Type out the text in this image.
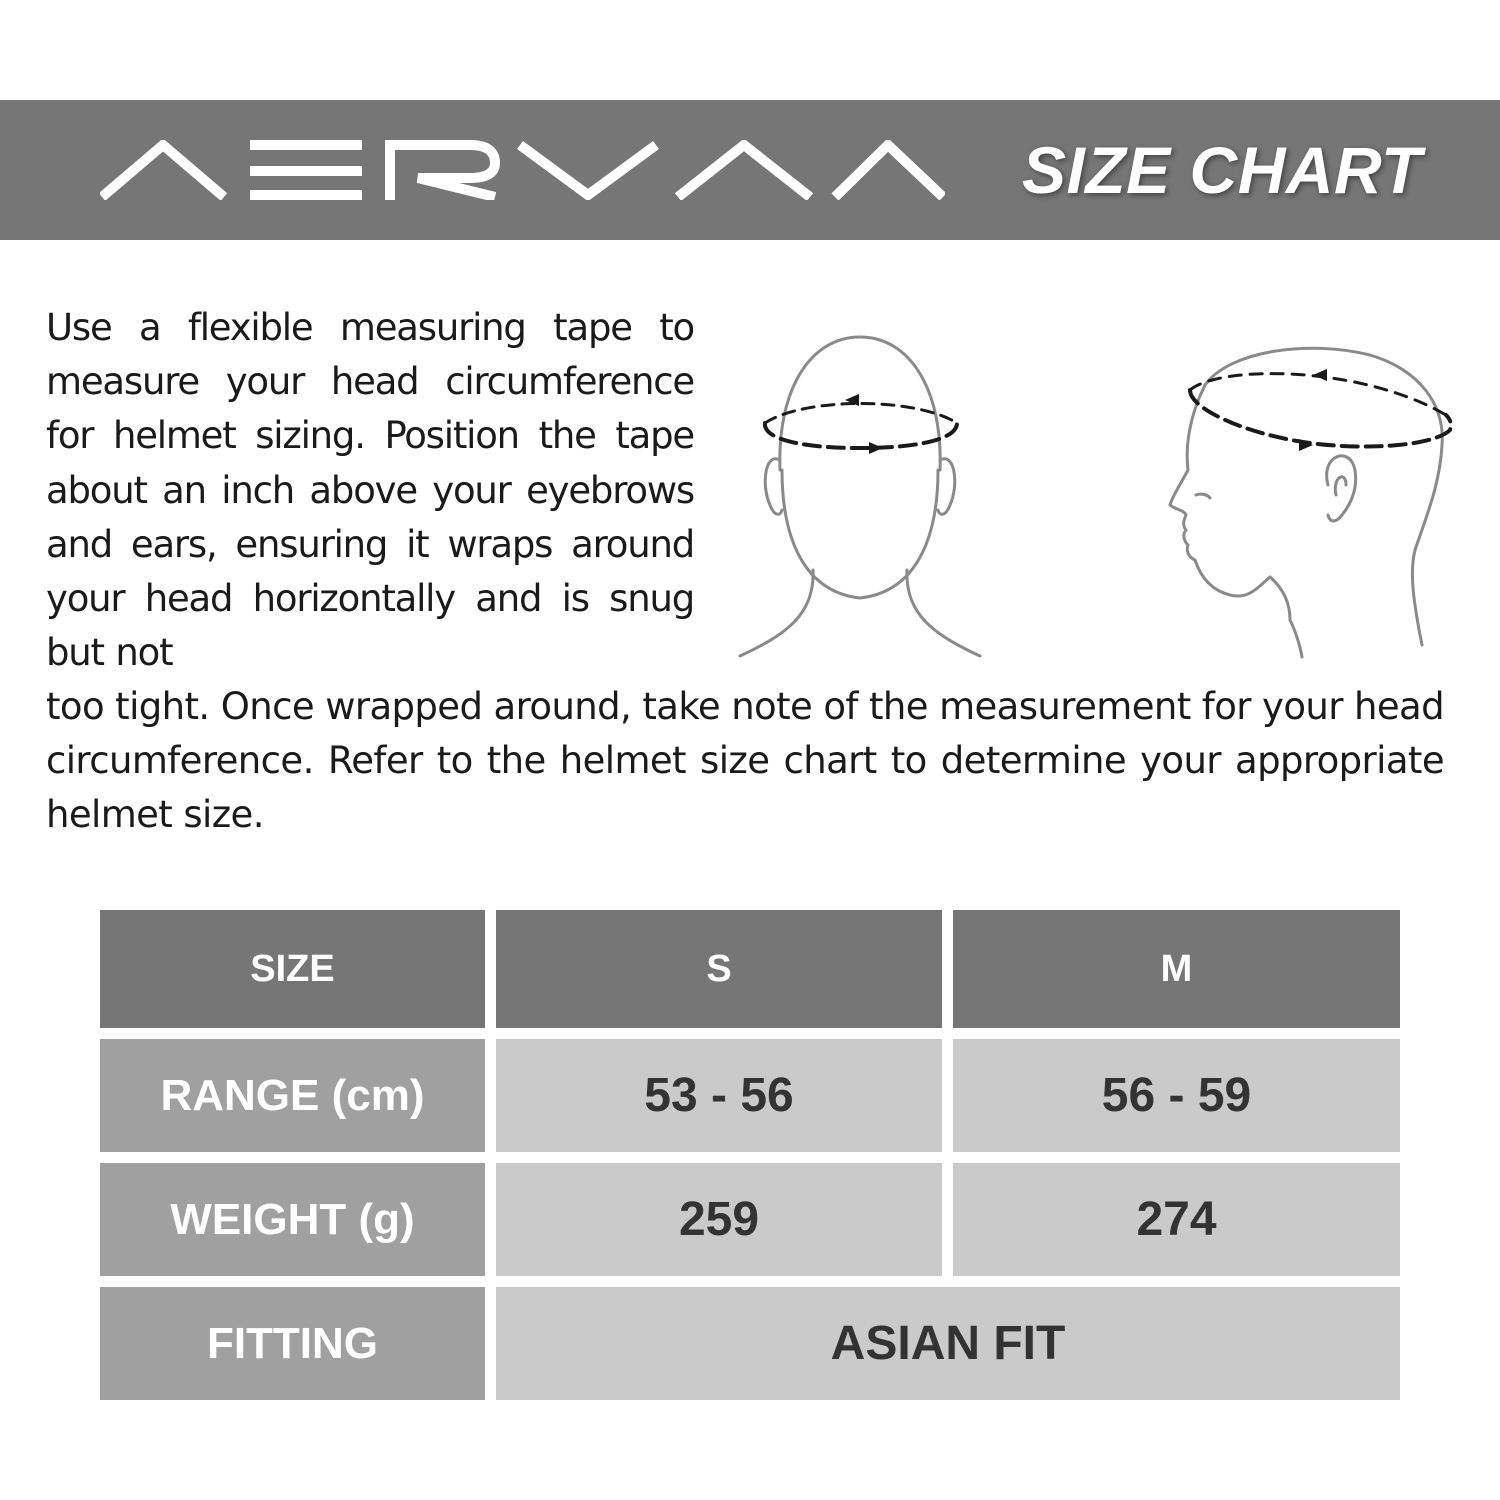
SIZE CHART

Use a flexible measuring tape to measure your head circumference for helmet sizing. Position the tape about an inch above your eyebrows and ears, ensuring it wraps around your head horizontally and is snug but not

too tight. Once wrapped around, take note of the measurement for your head circumference. Refer to the helmet size chart to determine your appropriate helmet size.

SIZE	S	M
RANGE (cm)	53 - 56	56 - 59
WEIGHT (g)	259	274
FITTING	ASIAN FIT
